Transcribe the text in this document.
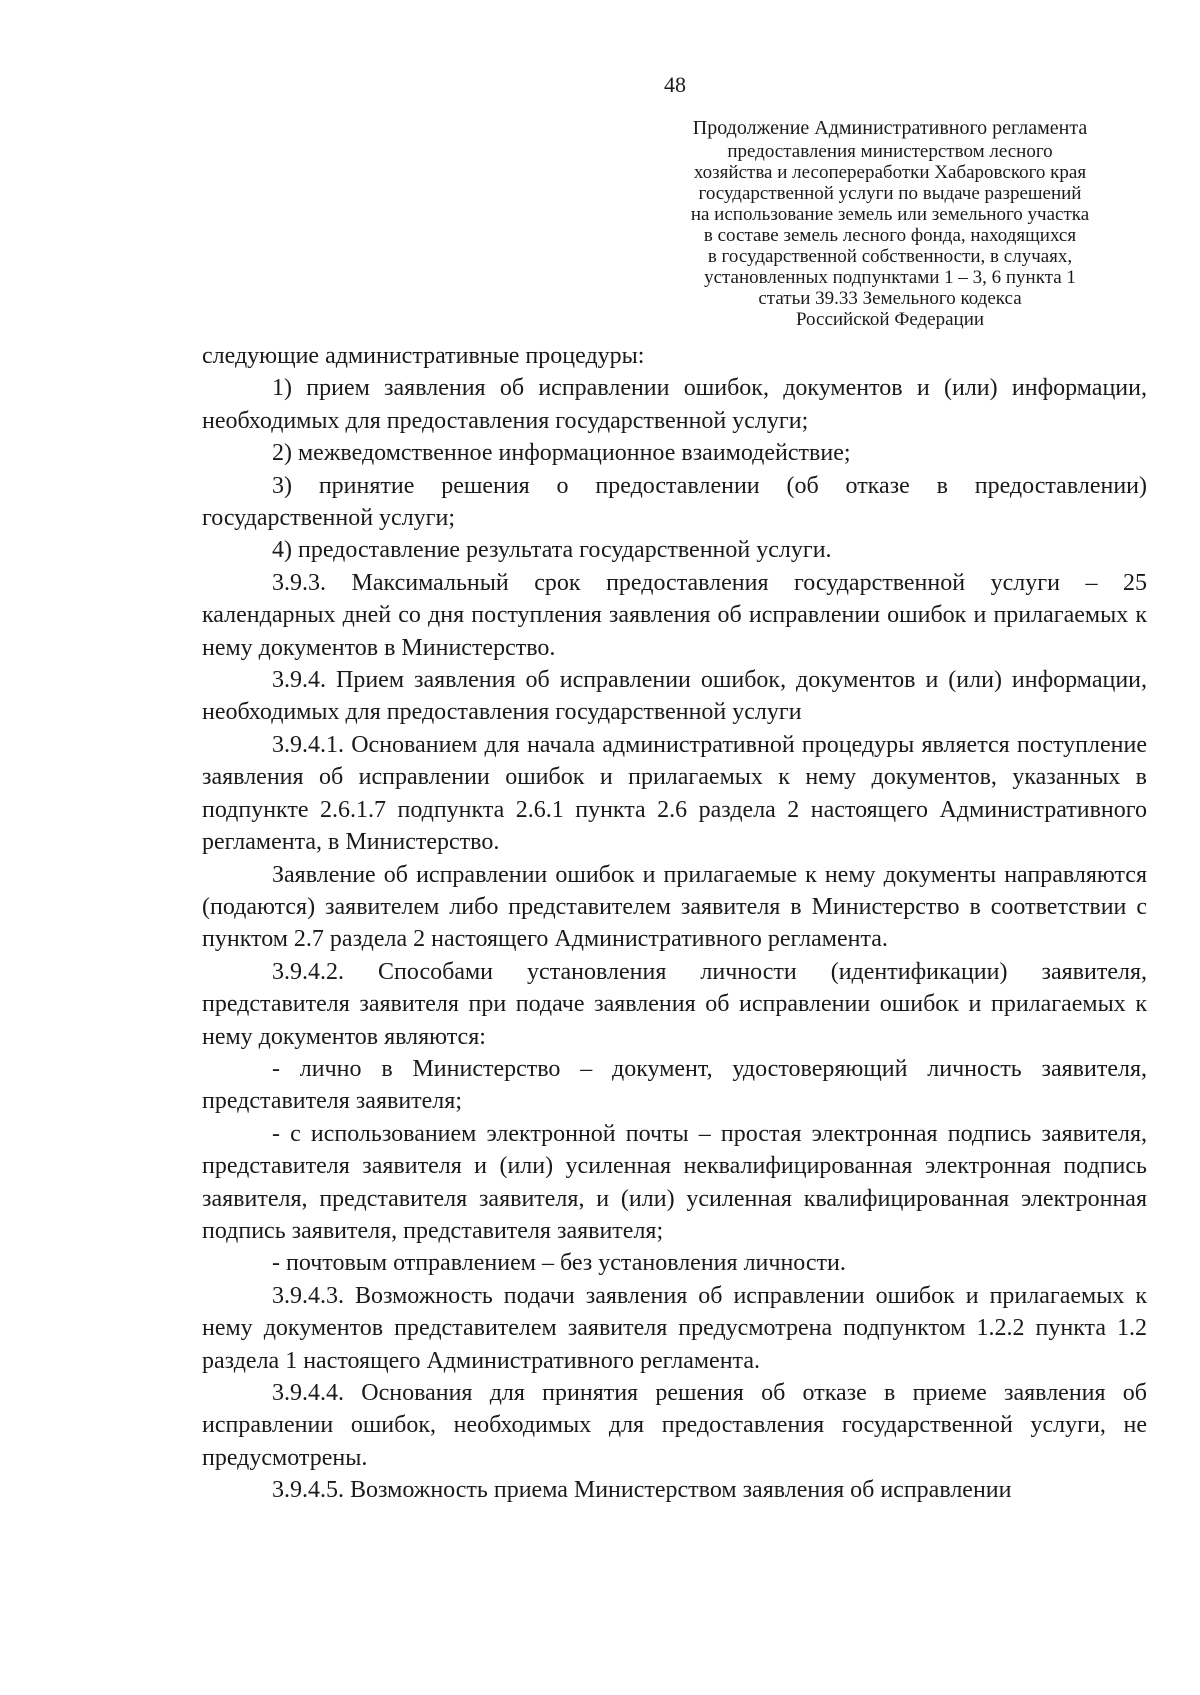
48
Продолжение Административного регламента
предоставления министерством лесного
хозяйства и лесопереработки Хабаровского края
государственной услуги по выдаче разрешений
на использование земель или земельного участка
в составе земель лесного фонда, находящихся
в государственной собственности, в случаях,
установленных подпунктами 1 – 3, 6 пункта 1
статьи 39.33 Земельного кодекса
Российской Федерации

следующие административные процедуры:

1) прием заявления об исправлении ошибок, документов и (или) информации, необходимых для предоставления государственной услуги;

2) межведомственное информационное взаимодействие;

3) принятие решения о предоставлении (об отказе в предоставлении) государственной услуги;

4) предоставление результата государственной услуги.

3.9.3. Максимальный срок предоставления государственной услуги – 25 календарных дней со дня поступления заявления об исправлении ошибок и прилагаемых к нему документов в Министерство.

3.9.4. Прием заявления об исправлении ошибок, документов и (или) информации, необходимых для предоставления государственной услуги

3.9.4.1. Основанием для начала административной процедуры является поступление заявления об исправлении ошибок и прилагаемых к нему документов, указанных в подпункте 2.6.1.7 подпункта 2.6.1 пункта 2.6 раздела 2 настоящего Административного регламента, в Министерство.

Заявление об исправлении ошибок и прилагаемые к нему документы направляются (подаются) заявителем либо представителем заявителя в Министерство в соответствии с пунктом 2.7 раздела 2 настоящего Административного регламента.

3.9.4.2. Способами установления личности (идентификации) заявителя, представителя заявителя при подаче заявления об исправлении ошибок и прилагаемых к нему документов являются:

- лично в Министерство – документ, удостоверяющий личность заявителя, представителя заявителя;

- с использованием электронной почты – простая электронная подпись заявителя, представителя заявителя и (или) усиленная неквалифицированная электронная подпись заявителя, представителя заявителя, и (или) усиленная квалифицированная электронная подпись заявителя, представителя заявителя;

- почтовым отправлением – без установления личности.

3.9.4.3. Возможность подачи заявления об исправлении ошибок и прилагаемых к нему документов представителем заявителя предусмотрена подпунктом 1.2.2 пункта 1.2 раздела 1 настоящего Административного регламента.

3.9.4.4. Основания для принятия решения об отказе в приеме заявления об исправлении ошибок, необходимых для предоставления государственной услуги, не предусмотрены.

3.9.4.5. Возможность приема Министерством заявления об исправлении
